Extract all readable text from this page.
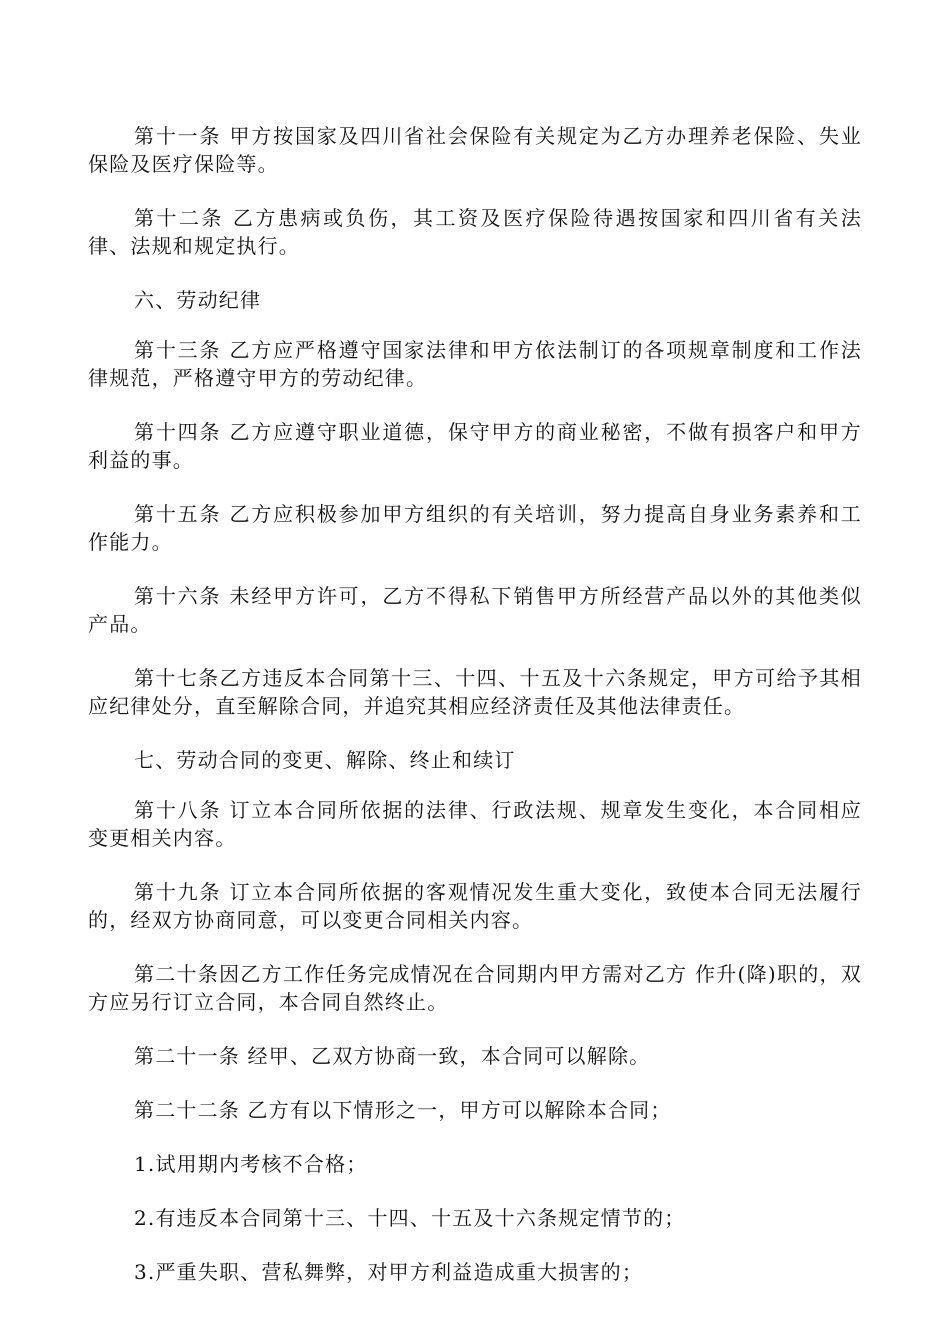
第十一条 甲方按国家及四川省社会保险有关规定为乙方办理养老保险、失业保险及医疗保险等。

第十二条 乙方患病或负伤，其工资及医疗保险待遇按国家和四川省有关法律、法规和规定执行。

六、劳动纪律

第十三条 乙方应严格遵守国家法律和甲方依法制订的各项规章制度和工作法律规范，严格遵守甲方的劳动纪律。

第十四条 乙方应遵守职业道德，保守甲方的商业秘密，不做有损客户和甲方利益的事。

第十五条 乙方应积极参加甲方组织的有关培训，努力提高自身业务素养和工作能力。

第十六条 未经甲方许可，乙方不得私下销售甲方所经营产品以外的其他类似产品。

第十七条乙方违反本合同第十三、十四、十五及十六条规定，甲方可给予其相应纪律处分，直至解除合同，并追究其相应经济责任及其他法律责任。

七、劳动合同的变更、解除、终止和续订

第十八条 订立本合同所依据的法律、行政法规、规章发生变化，本合同相应变更相关内容。

第十九条 订立本合同所依据的客观情况发生重大变化，致使本合同无法履行的，经双方协商同意，可以变更合同相关内容。

第二十条因乙方工作任务完成情况在合同期内甲方需对乙方 作升(降)职的，双方应另行订立合同，本合同自然终止。

第二十一条 经甲、乙双方协商一致，本合同可以解除。

第二十二条 乙方有以下情形之一，甲方可以解除本合同；

1.试用期内考核不合格；

2.有违反本合同第十三、十四、十五及十六条规定情节的；

3.严重失职、营私舞弊，对甲方利益造成重大损害的；
